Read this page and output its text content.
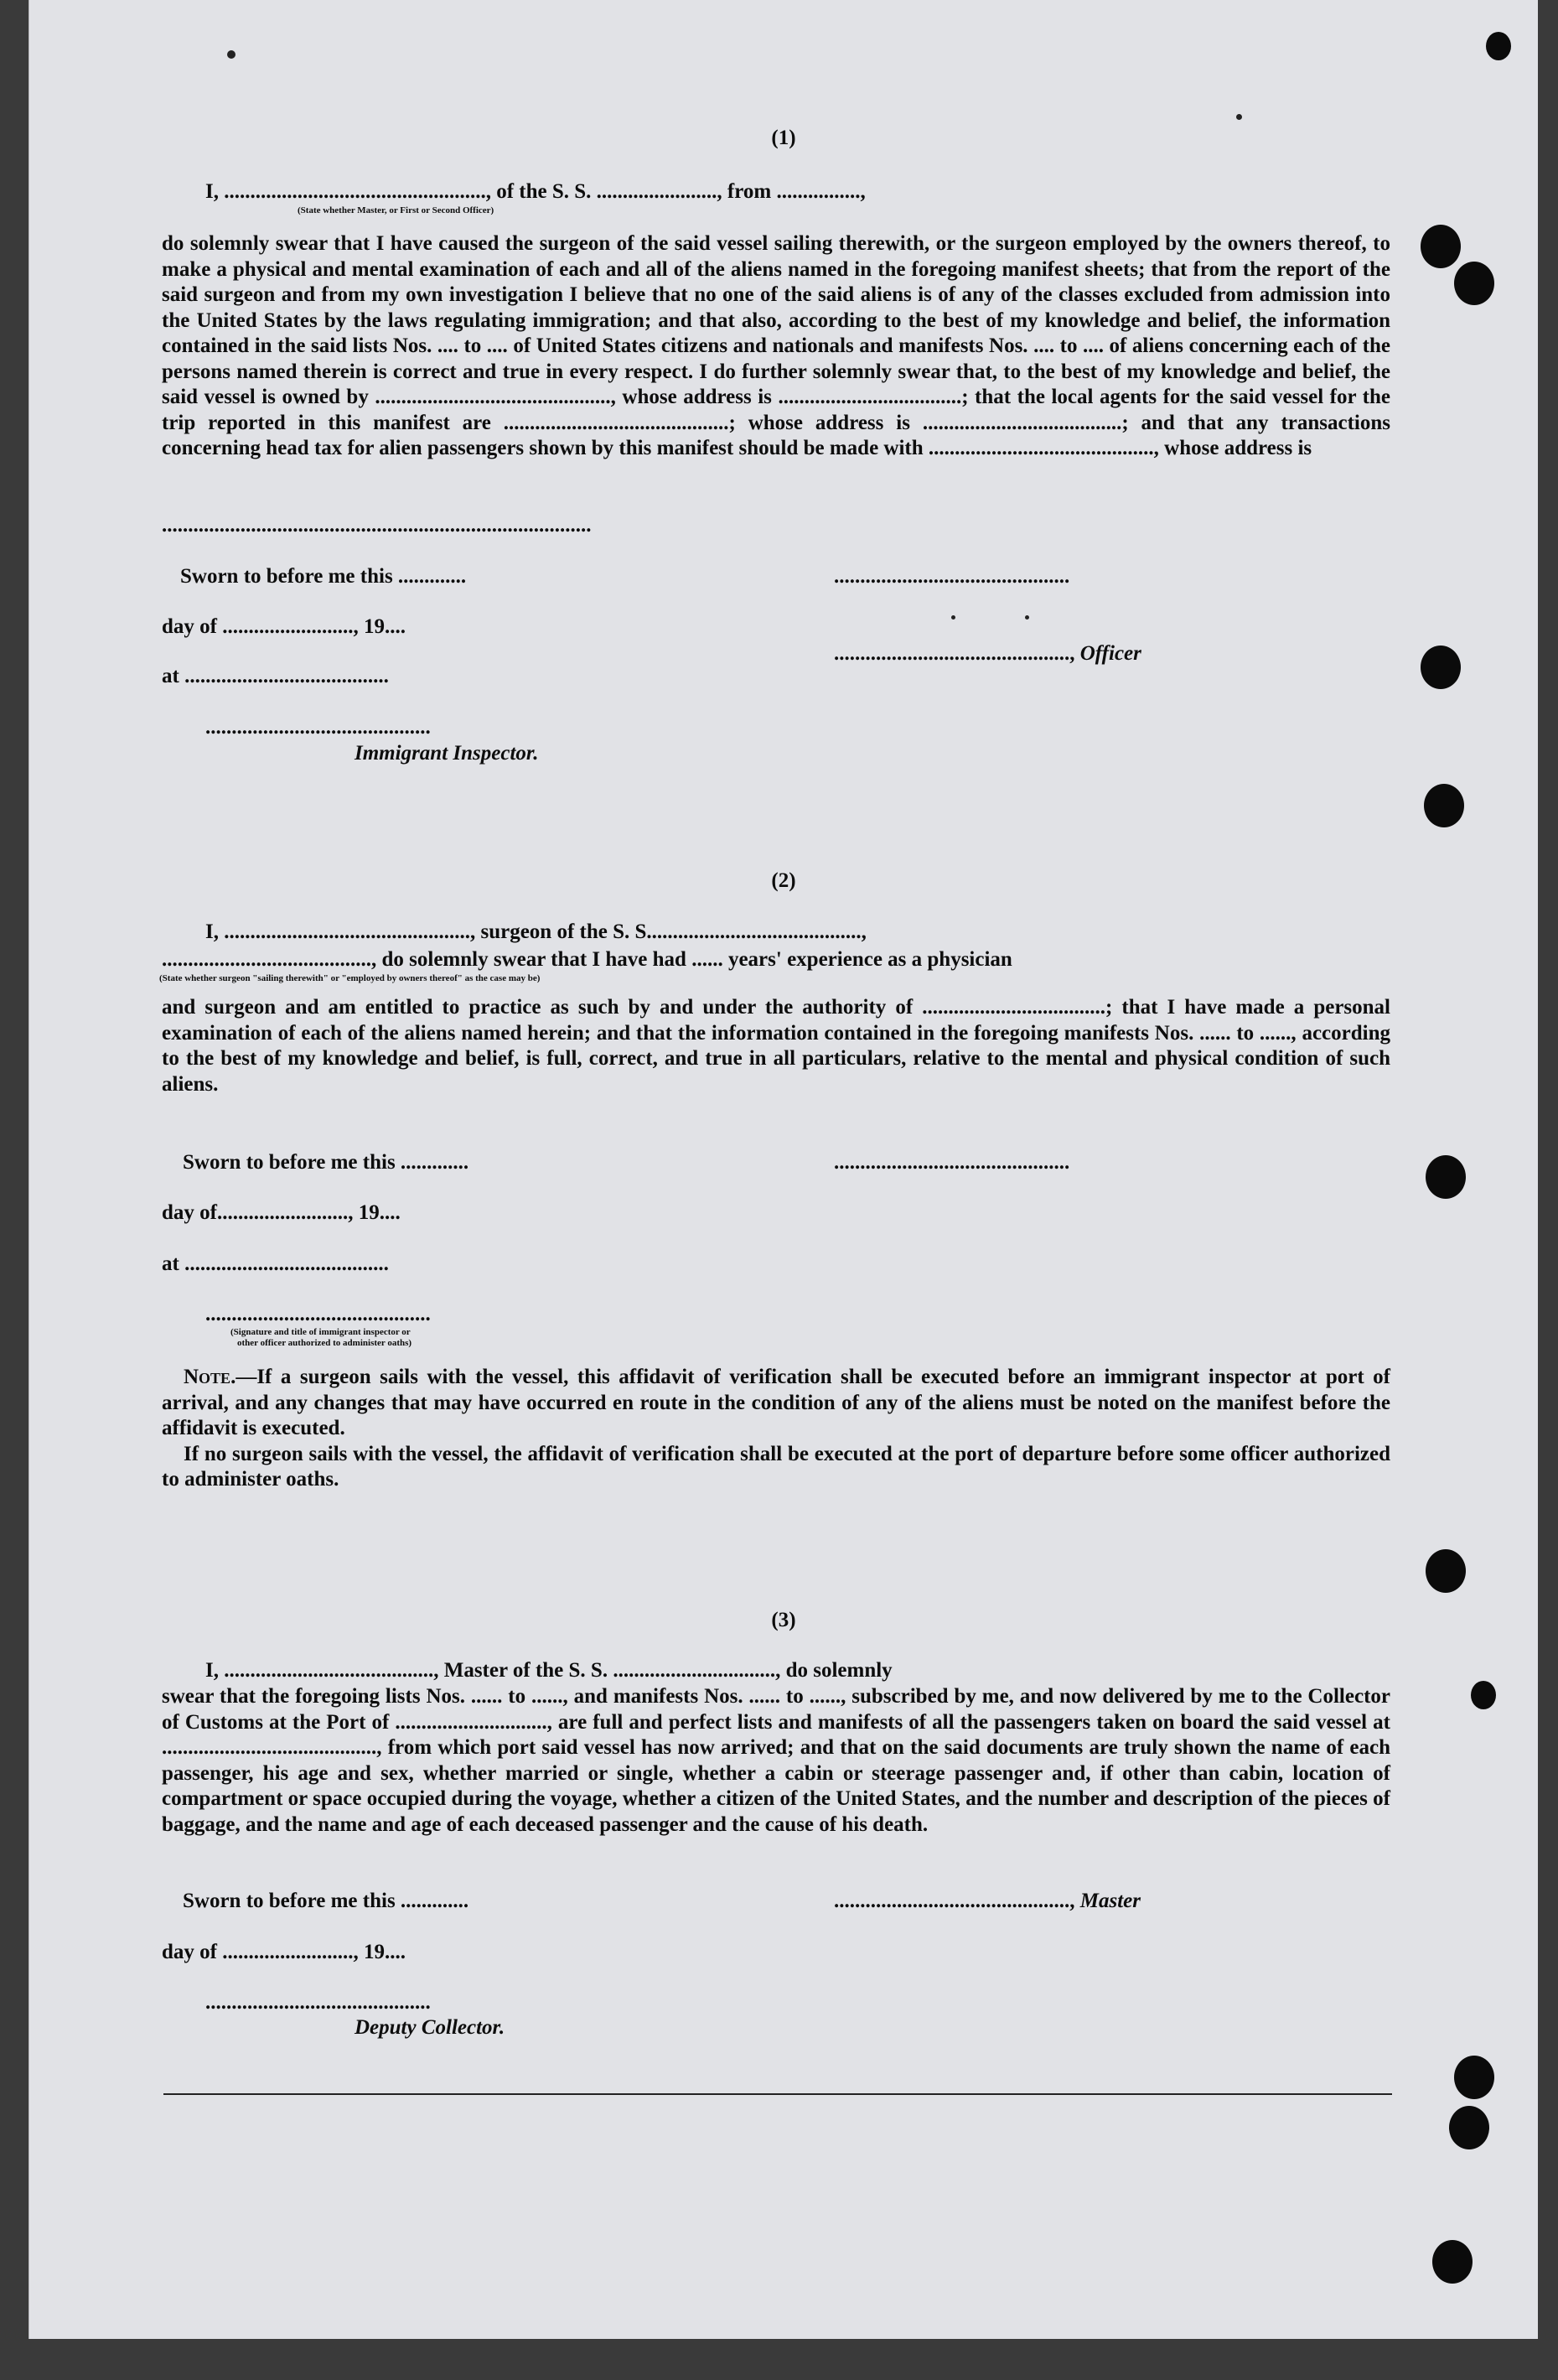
(1)
I, .................................................., of the S. S. ......................., from ................,
(State whether Master, or First or Second Officer)

do solemnly swear that I have caused the surgeon of the said vessel sailing therewith, or the surgeon employed by the owners thereof, to make a physical and mental examination of each and all of the aliens named in the foregoing manifest sheets; that from the report of the said surgeon and from my own investigation I believe that no one of the said aliens is of any of the classes excluded from admission into the United States by the laws regulating immigration; and that also, according to the best of my knowledge and belief, the information contained in the said lists Nos. .... to .... of United States citizens and nationals and manifests Nos. .... to .... of aliens concerning each of the persons named therein is correct and true in every respect. I do further solemnly swear that, to the best of my knowledge and belief, the said vessel is owned by ............................................., whose address is ...................................; that the local agents for the said vessel for the trip reported in this manifest are ...........................................; whose address is ......................................; and that any transactions concerning head tax for alien passengers shown by this manifest should be made with ..........................................., whose address is

..................................................................................
Sworn to before me this .............	.............................................
day of ........................., 19....
............................................., Officer
at .......................................
...........................................
Immigrant Inspector.
(2)
I, ..............................................., surgeon of the S. S.........................................,
........................................, do solemnly swear that I have had ...... years' experience as a physician
(State whether surgeon "sailing therewith" or "employed by owners thereof" as the case may be)

and surgeon and am entitled to practice as such by and under the authority of ...................................; that I have made a personal examination of each of the aliens named herein; and that the information contained in the foregoing manifests Nos. ...... to ......, according to the best of my knowledge and belief, is full, correct, and true in all particulars, relative to the mental and physical condition of such aliens.

Sworn to before me this .............	.............................................
day of........................., 19....
at .......................................
...........................................
(Signature and title of immigrant inspector or
other officer authorized to administer oaths)

Note.—If a surgeon sails with the vessel, this affidavit of verification shall be executed before an immigrant inspector at port of arrival, and any changes that may have occurred en route in the condition of any of the aliens must be noted on the manifest before the affidavit is executed.

If no surgeon sails with the vessel, the affidavit of verification shall be executed at the port of departure before some officer authorized to administer oaths.

(3)
I, ........................................, Master of the S. S. ..............................., do solemnly

swear that the foregoing lists Nos. ...... to ......, and manifests Nos. ...... to ......, subscribed by me, and now delivered by me to the Collector of Customs at the Port of ............................., are full and perfect lists and manifests of all the passengers taken on board the said vessel at ........................................., from which port said vessel has now arrived; and that on the said documents are truly shown the name of each passenger, his age and sex, whether married or single, whether a cabin or steerage passenger and, if other than cabin, location of compartment or space occupied during the voyage, whether a citizen of the United States, and the number and description of the pieces of baggage, and the name and age of each deceased passenger and the cause of his death.

Sworn to before me this .............	............................................., Master
day of ........................., 19....
...........................................
Deputy Collector.
